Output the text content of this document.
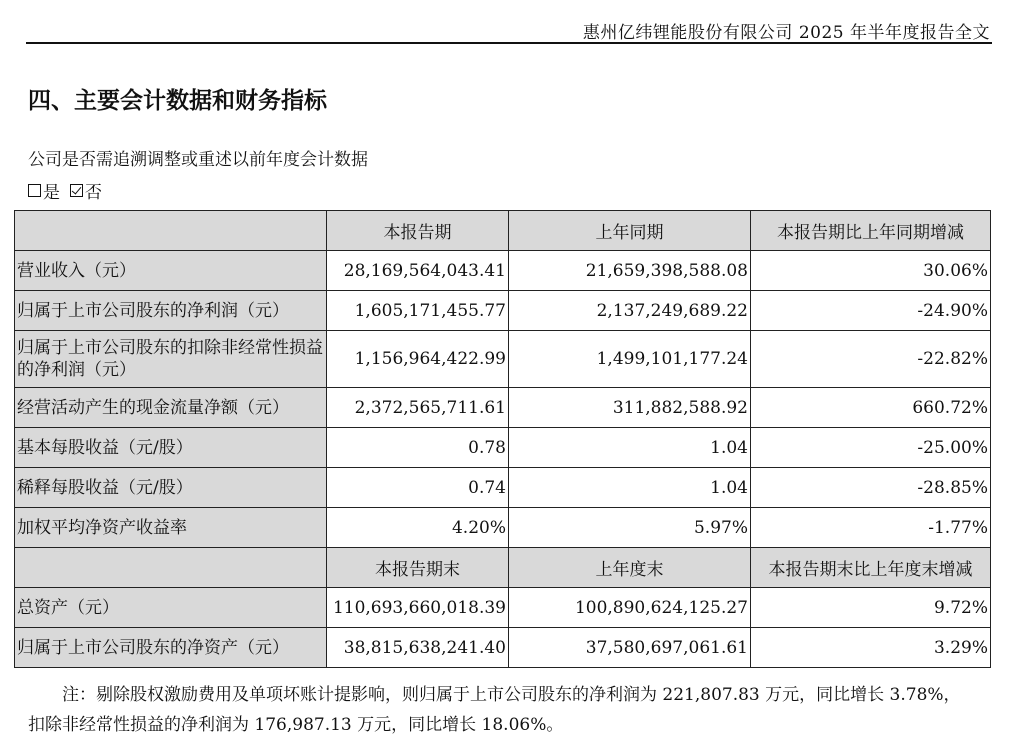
惠州亿纬锂能股份有限公司 2025 年半年度报告全文
四、主要会计数据和财务指标
公司是否需追溯调整或重述以前年度会计数据
是 否
	本报告期	上年同期	本报告期比上年同期增减
营业收入（元）	28,169,564,043.41	21,659,398,588.08	30.06%
归属于上市公司股东的净利润（元）	1,605,171,455.77	2,137,249,689.22	-24.90%
归属于上市公司股东的扣除非经常性损益的净利润（元）	1,156,964,422.99	1,499,101,177.24	-22.82%
经营活动产生的现金流量净额（元）	2,372,565,711.61	311,882,588.92	660.72%
基本每股收益（元/股）	0.78	1.04	-25.00%
稀释每股收益（元/股）	0.74	1.04	-28.85%
加权平均净资产收益率	4.20%	5.97%	-1.77%
	本报告期末	上年度末	本报告期末比上年度末增减
总资产（元）	110,693,660,018.39	100,890,624,125.27	9.72%
归属于上市公司股东的净资产（元）	38,815,638,241.40	37,580,697,061.61	3.29%
注：剔除股权激励费用及单项坏账计提影响，则归属于上市公司股东的净利润为 221,807.83 万元，同比增长 3.78%，
扣除非经常性损益的净利润为 176,987.13 万元，同比增长 18.06%。
